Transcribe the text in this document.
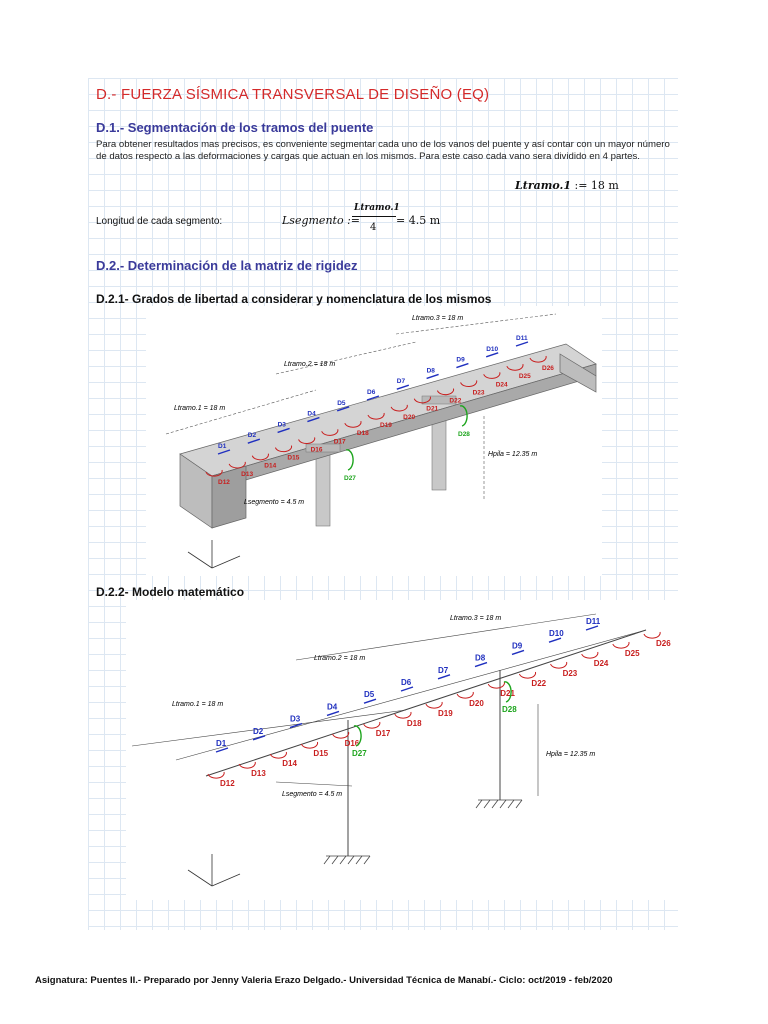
D.- FUERZA SÍSMICA TRANSVERSAL DE DISEÑO (EQ)
D.1.- Segmentación de los tramos del puente
Para obtener resultados mas precisos, es conveniente segmentar cada uno de los vanos del puente y así contar con un mayor número de datos respecto a las deformaciones y cargas que actuan en los mismos. Para este caso cada vano sera dividido en 4 partes.
Ltramo.1 := 18 m
Longitud de cada segmento:	Lsegmento :=
Ltramo.1
4
= 4.5 m
D.2.- Determinación de la matriz de rigidez
D.2.1- Grados de libertad a considerar y nomenclatura de los mismos
Ltramo.1 = 18 m
Ltramo.2 = 18 m
Ltramo.3 = 18 m
Hpila = 12.35 m
Lsegmento = 4.5 m
D1
D2
D3
D4
D5
D6
D7
D8
D9
D10
D11
D12
D13
D14
D15
D16
D17
D18
D19
D20
D21
D22
D23
D24
D25
D26
D27
D28
D.2.2- Modelo matemático
Ltramo.1 = 18 m
Ltramo.2 = 18 m
Ltramo.3 = 18 m
Hpila = 12.35 m
Lsegmento = 4.5 m
D1
D2
D3
D4
D5
D6
D7
D8
D9
D10
D11
D12
D13
D14
D15
D16
D17
D18
D19
D20
D21
D22
D23
D24
D25
D26
D27
D28
Asignatura: Puentes II.- Preparado por Jenny Valeria Erazo Delgado.- Universidad Técnica de Manabí.- Ciclo: oct/2019 - feb/2020
